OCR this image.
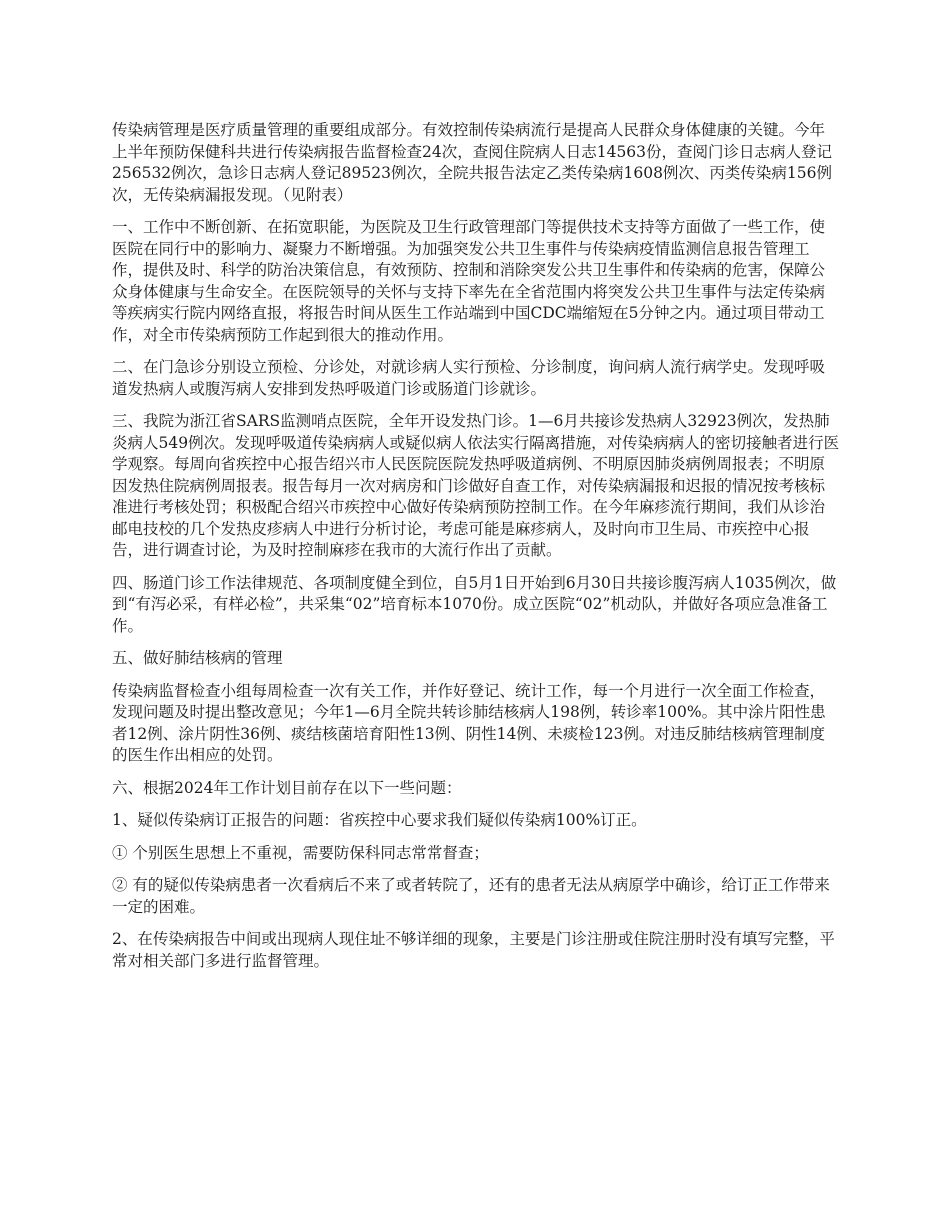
传染病管理是医疗质量管理的重要组成部分。有效控制传染病流行是提高人民群众身体健康的关键。今年上半年预防保健科共进行传染病报告监督检查24次，查阅住院病人日志14563份，查阅门诊日志病人登记256532例次，急诊日志病人登记89523例次，全院共报告法定乙类传染病1608例次、丙类传染病156例次，无传染病漏报发现。（见附表）

一、工作中不断创新、在拓宽职能，为医院及卫生行政管理部门等提供技术支持等方面做了一些工作，使医院在同行中的影响力、凝聚力不断增强。为加强突发公共卫生事件与传染病疫情监测信息报告管理工作，提供及时、科学的防治决策信息，有效预防、控制和消除突发公共卫生事件和传染病的危害，保障公众身体健康与生命安全。在医院领导的关怀与支持下率先在全省范围内将突发公共卫生事件与法定传染病等疾病实行院内网络直报，将报告时间从医生工作站端到中国CDC端缩短在5分钟之内。通过项目带动工作，对全市传染病预防工作起到很大的推动作用。

二、在门急诊分别设立预检、分诊处，对就诊病人实行预检、分诊制度，询问病人流行病学史。发现呼吸道发热病人或腹泻病人安排到发热呼吸道门诊或肠道门诊就诊。

三、我院为浙江省SARS监测哨点医院，全年开设发热门诊。1—6月共接诊发热病人32923例次，发热肺炎病人549例次。发现呼吸道传染病病人或疑似病人依法实行隔离措施，对传染病病人的密切接触者进行医学观察。每周向省疾控中心报告绍兴市人民医院医院发热呼吸道病例、不明原因肺炎病例周报表；不明原因发热住院病例周报表。报告每月一次对病房和门诊做好自查工作，对传染病漏报和迟报的情况按考核标准进行考核处罚；积极配合绍兴市疾控中心做好传染病预防控制工作。在今年麻疹流行期间，我们从诊治邮电技校的几个发热皮疹病人中进行分析讨论，考虑可能是麻疹病人，及时向市卫生局、市疾控中心报告，进行调查讨论，为及时控制麻疹在我市的大流行作出了贡献。

四、肠道门诊工作法律规范、各项制度健全到位，自5月1日开始到6月30日共接诊腹泻病人1035例次，做到“有泻必采，有样必检”，共采集“02”培育标本1070份。成立医院“02”机动队，并做好各项应急准备工作。

五、做好肺结核病的管理

传染病监督检查小组每周检查一次有关工作，并作好登记、统计工作，每一个月进行一次全面工作检查，发现问题及时提出整改意见；今年1—6月全院共转诊肺结核病人198例，转诊率100%。其中涂片阳性患者12例、涂片阴性36例、痰结核菌培育阳性13例、阴性14例、未痰检123例。对违反肺结核病管理制度的医生作出相应的处罚。

六、根据2024年工作计划目前存在以下一些问题：

1、疑似传染病订正报告的问题：省疾控中心要求我们疑似传染病100%订正。

① 个别医生思想上不重视，需要防保科同志常常督查；

② 有的疑似传染病患者一次看病后不来了或者转院了，还有的患者无法从病原学中确诊，给订正工作带来一定的困难。

2、在传染病报告中间或出现病人现住址不够详细的现象，主要是门诊注册或住院注册时没有填写完整，平常对相关部门多进行监督管理。
